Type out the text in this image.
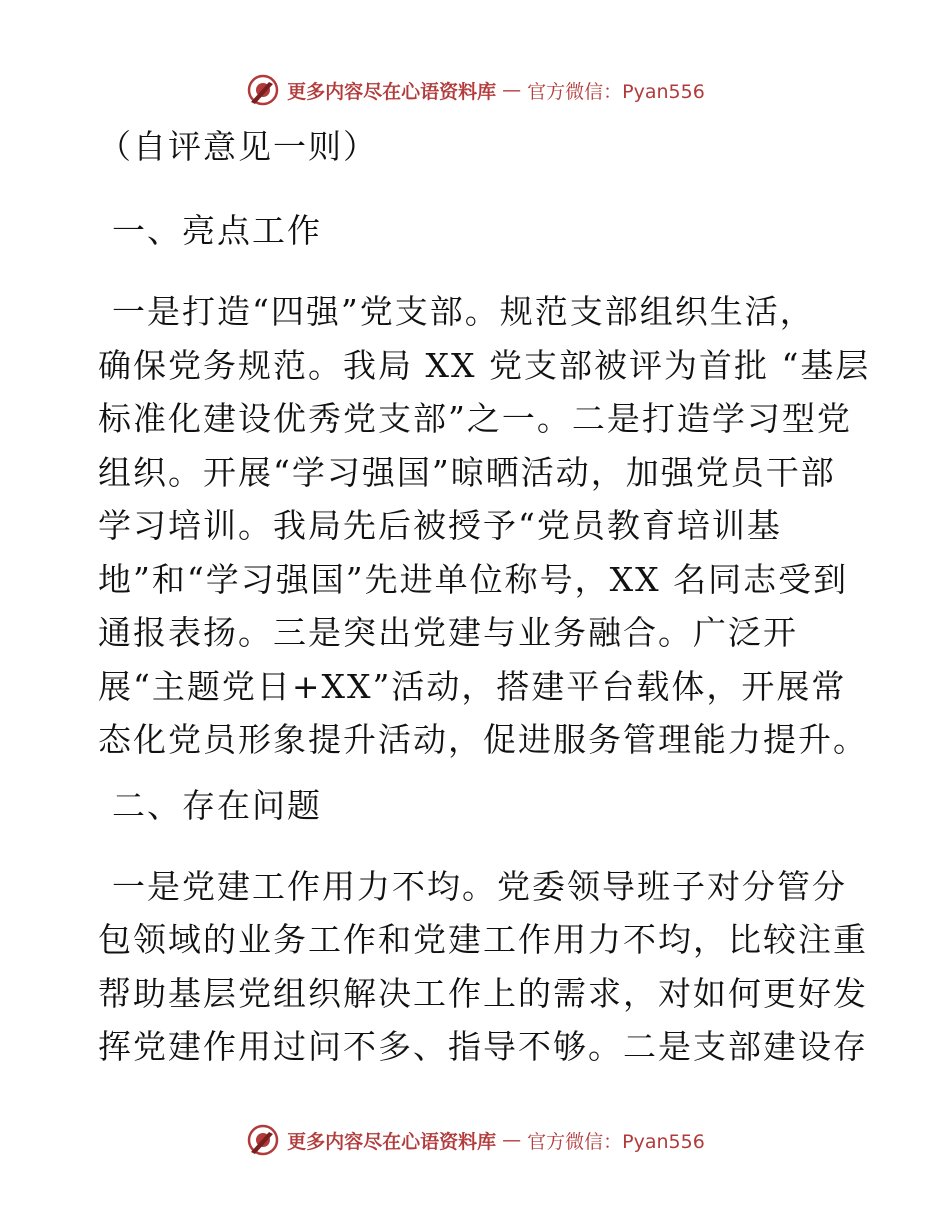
更多内容尽在心语资料库 — 官方微信：Pyan556
（自评意见一则）
一、亮点工作
一是打造“四强”党支部。规范支部组织生活，
确保党务规范。我局 XX 党支部被评为首批 “基层
标准化建设优秀党支部”之一。二是打造学习型党
组织。开展“学习强国”晾晒活动，加强党员干部
学习培训。我局先后被授予“党员教育培训基
地”和“学习强国”先进单位称号，XX 名同志受到
通报表扬。三是突出党建与业务融合。广泛开
展“主题党日+XX”活动，搭建平台载体，开展常
态化党员形象提升活动，促进服务管理能力提升。
二、存在问题
一是党建工作用力不均。党委领导班子对分管分
包领域的业务工作和党建工作用力不均，比较注重
帮助基层党组织解决工作上的需求，对如何更好发
挥党建作用过问不多、指导不够。二是支部建设存
更多内容尽在心语资料库 — 官方微信：Pyan556
